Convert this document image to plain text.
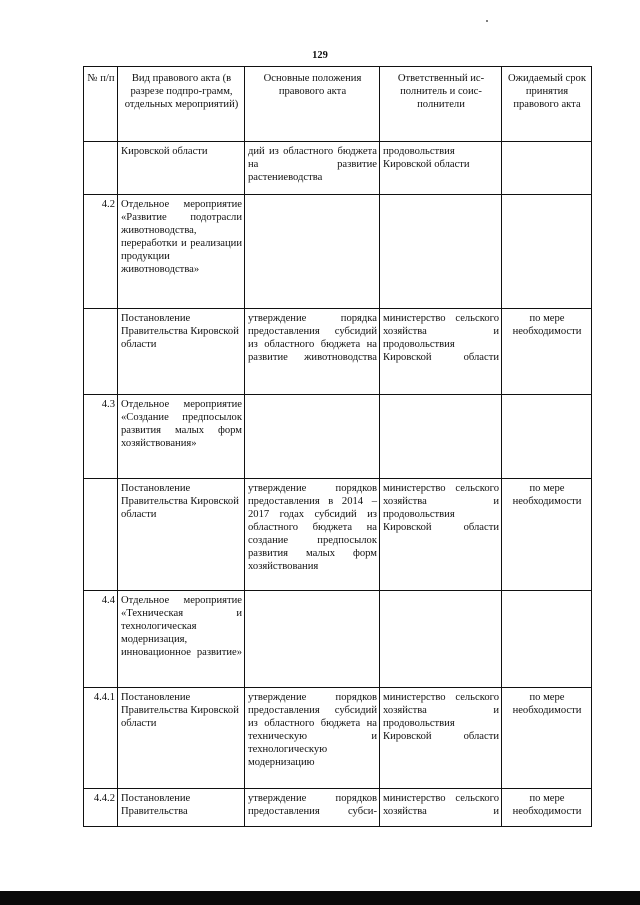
129
№ п/п	Вид правового акта (в разрезе подпро-грамм, отдельных мероприятий)	Основные положения правового акта	Ответственный ис-полнитель и соис-полнители	Ожидаемый срок принятия правового акта
	Кировской области	дий из областного бюджета на развитие растениеводства	продовольствия Кировской области	
4.2	Отдельное мероприятие «Развитие подотрасли животноводства, переработки и реализации продукции животноводства»			
	Постановление Правительства Кировской области	утверждение порядка предоставления субсидий из областного бюджета на развитие животноводства	министерство сельского хозяйства и продовольствия Кировской области	по мере необходимости
4.3	Отдельное мероприятие «Создание предпосылок развития малых форм хозяйствования»			
	Постановление Правительства Кировской области	утверждение порядков предоставления в 2014 – 2017 годах субсидий из областного бюджета на создание предпосылок развития малых форм хозяйствования	министерство сельского хозяйства и продовольствия Кировской области	по мере необходимости
4.4	Отдельное мероприятие «Техническая и технологическая модернизация, инновационное развитие»			
4.4.1	Постановление Правительства Кировской области	утверждение порядков предоставления субсидий из областного бюджета на техническую и технологическую модернизацию	министерство сельского хозяйства и продовольствия Кировской области	по мере необходимости
4.4.2	Постановление Правительства	утверждение порядков предоставления субси-	министерство сельского хозяйства и	по мере необходимости
